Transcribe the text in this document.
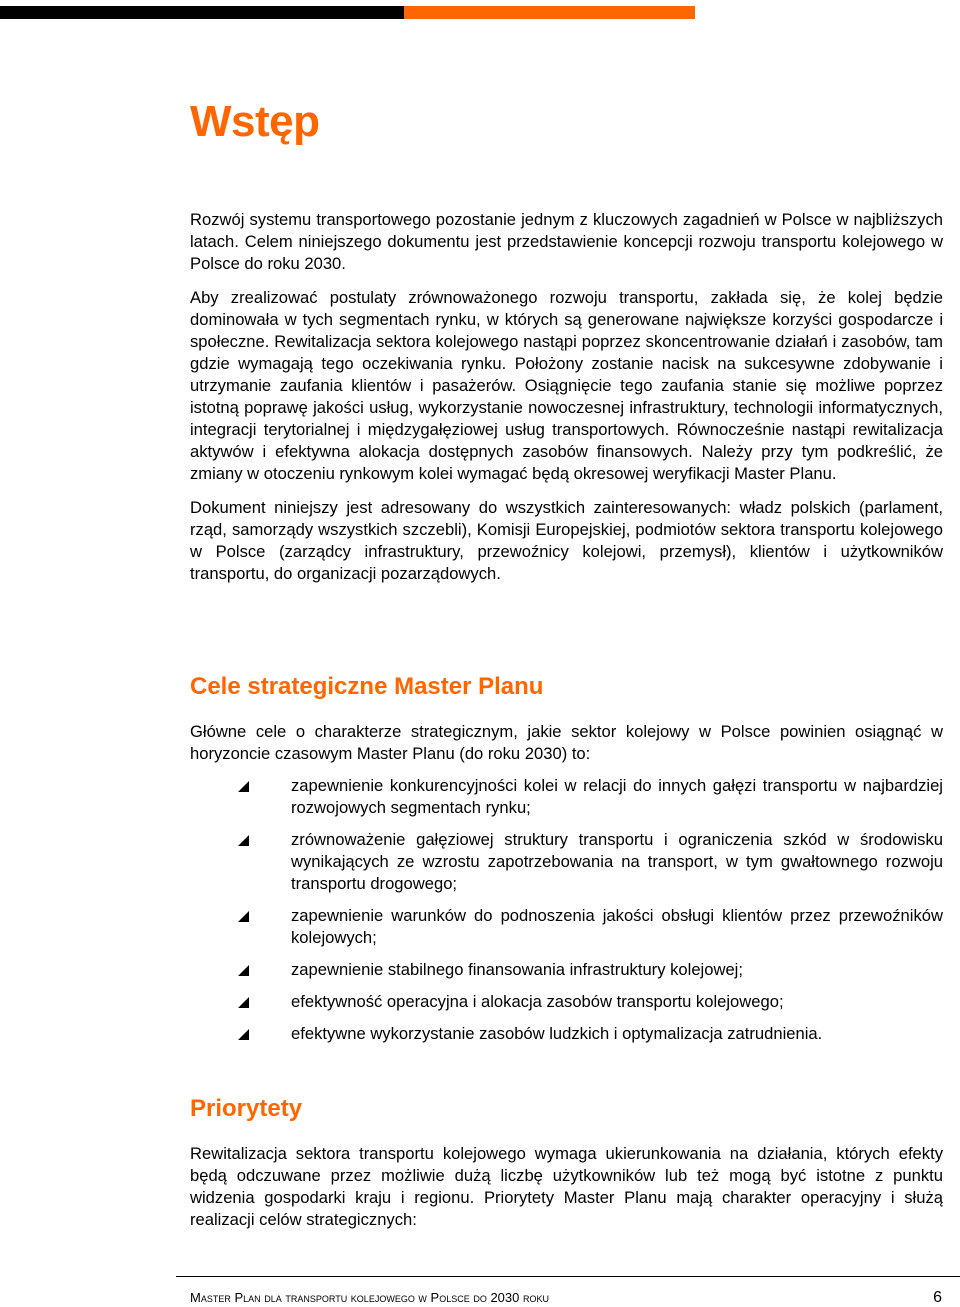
Wstęp

Rozwój systemu transportowego pozostanie jednym z kluczowych zagadnień w Polsce w najbliższych latach. Celem niniejszego dokumentu jest przedstawienie koncepcji rozwoju transportu kolejowego w Polsce do roku 2030.

Aby zrealizować postulaty zrównoważonego rozwoju transportu, zakłada się, że kolej będzie dominowała w tych segmentach rynku, w których są generowane największe korzyści gospodarcze i społeczne. Rewitalizacja sektora kolejowego nastąpi poprzez skoncentrowanie działań i zasobów, tam gdzie wymagają tego oczekiwania rynku. Położony zostanie nacisk na sukcesywne zdobywanie i utrzymanie zaufania klientów i pasażerów. Osiągnięcie tego zaufania stanie się możliwe poprzez istotną poprawę jakości usług, wykorzystanie nowoczesnej infrastruktury, technologii informatycznych, integracji terytorialnej i międzygałęziowej usług transportowych. Równocześnie nastąpi rewitalizacja aktywów i efektywna alokacja dostępnych zasobów finansowych. Należy przy tym podkreślić, że zmiany w otoczeniu rynkowym kolei wymagać będą okresowej weryfikacji Master Planu.

Dokument niniejszy jest adresowany do wszystkich zainteresowanych: władz polskich (parlament, rząd, samorządy wszystkich szczebli), Komisji Europejskiej, podmiotów sektora transportu kolejowego w Polsce (zarządcy infrastruktury, przewoźnicy kolejowi, przemysł), klientów i użytkowników transportu, do organizacji pozarządowych.

Cele strategiczne Master Planu

Główne cele o charakterze strategicznym, jakie sektor kolejowy w Polsce powinien osiągnąć w horyzoncie czasowym Master Planu (do roku 2030) to:

zapewnienie konkurencyjności kolei w relacji do innych gałęzi transportu w najbardziej rozwojowych segmentach rynku;
zrównoważenie gałęziowej struktury transportu i ograniczenia szkód w środowisku wynikających ze wzrostu zapotrzebowania na transport, w tym gwałtownego rozwoju transportu drogowego;
zapewnienie warunków do podnoszenia jakości obsługi klientów przez przewoźników kolejowych;
zapewnienie stabilnego finansowania infrastruktury kolejowej;
efektywność operacyjna i alokacja zasobów transportu kolejowego;
efektywne wykorzystanie zasobów ludzkich i optymalizacja zatrudnienia.
Priorytety

Rewitalizacja sektora transportu kolejowego wymaga ukierunkowania na działania, których efekty będą odczuwane przez możliwie dużą liczbę użytkowników lub też mogą być istotne z punktu widzenia gospodarki kraju i regionu. Priorytety Master Planu mają charakter operacyjny i służą realizacji celów strategicznych:

Master Plan dla transportu kolejowego w Polsce do 2030 roku	6
